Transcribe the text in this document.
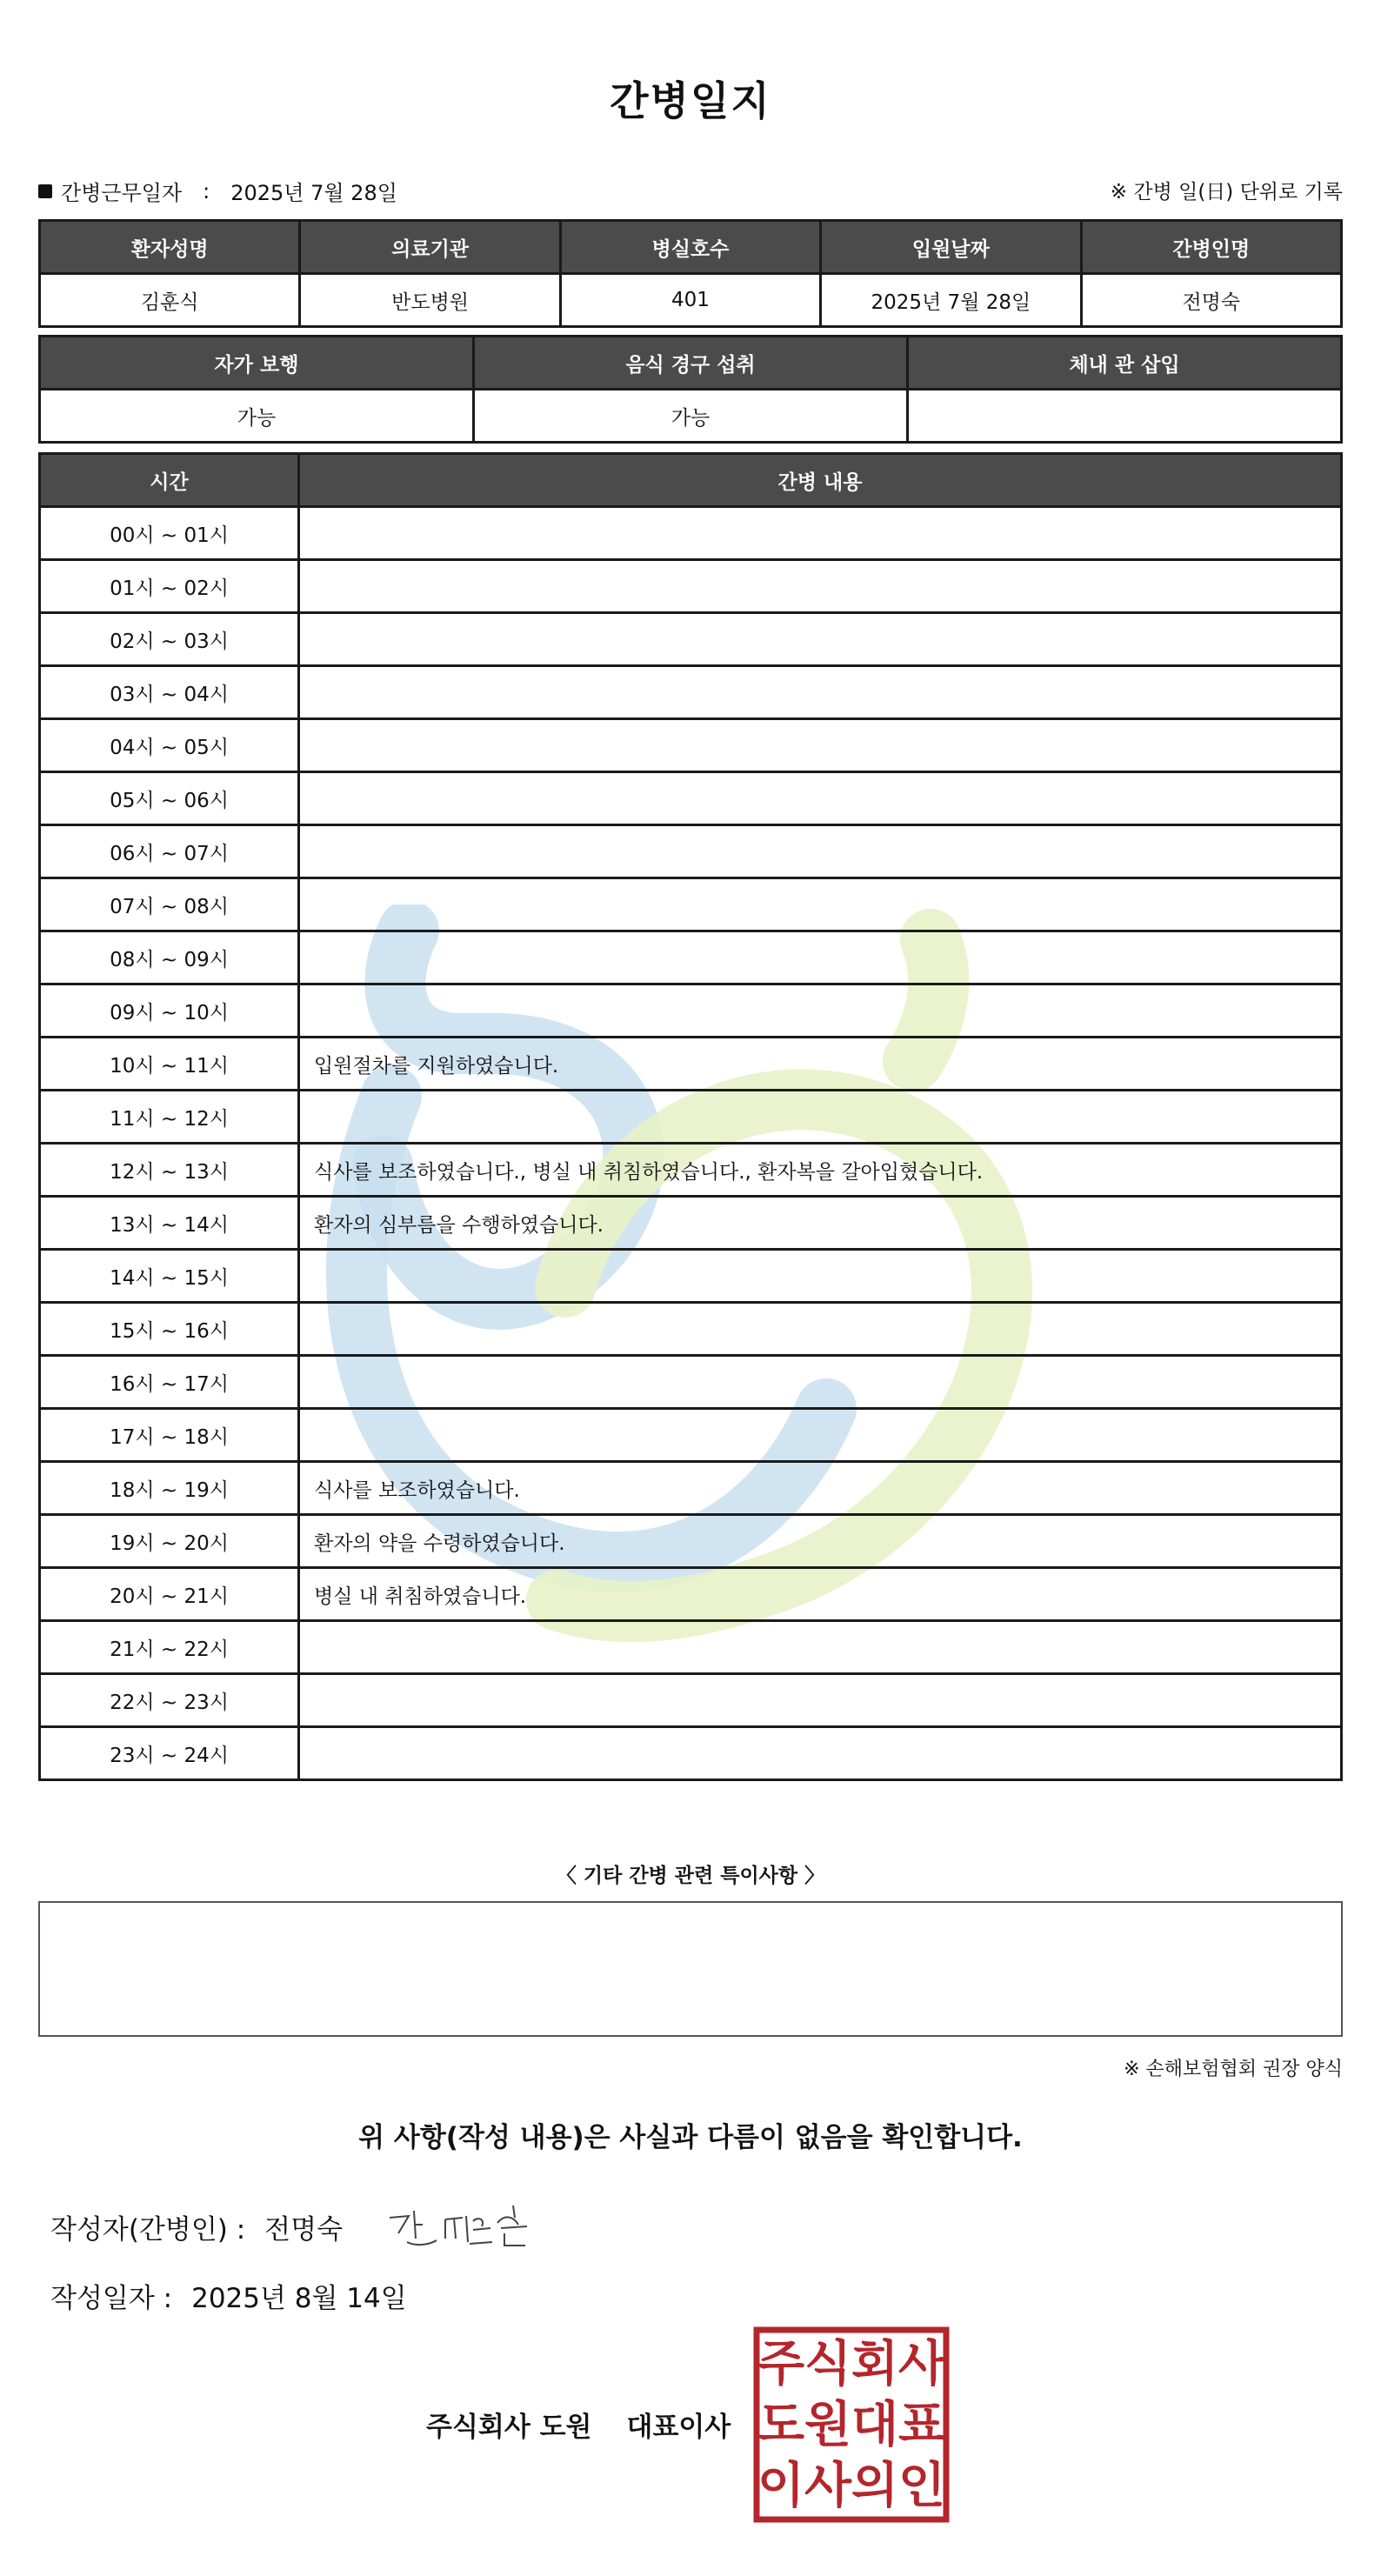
간병일지
간병근무일자 : 2025년 7월 28일	※ 간병 일(日) 단위로 기록
환자성명	의료기관	병실호수	입원날짜	간병인명
김훈식	반도병원	401	2025년 7월 28일	전명숙
자가 보행	음식 경구 섭취	체내 관 삽입
가능	가능	
시간	간병 내용
00시 ~ 01시	
01시 ~ 02시	
02시 ~ 03시	
03시 ~ 04시	
04시 ~ 05시	
05시 ~ 06시	
06시 ~ 07시	
07시 ~ 08시	
08시 ~ 09시	
09시 ~ 10시	
10시 ~ 11시	입원절차를 지원하였습니다.
11시 ~ 12시	
12시 ~ 13시	식사를 보조하였습니다., 병실 내 취침하였습니다., 환자복을 갈아입혔습니다.
13시 ~ 14시	환자의 심부름을 수행하였습니다.
14시 ~ 15시	
15시 ~ 16시	
16시 ~ 17시	
17시 ~ 18시	
18시 ~ 19시	식사를 보조하였습니다.
19시 ~ 20시	환자의 약을 수령하였습니다.
20시 ~ 21시	병실 내 취침하였습니다.
21시 ~ 22시	
22시 ~ 23시	
23시 ~ 24시	
〈 기타 간병 관련 특이사항 〉
※ 손해보험협회 권장 양식
위 사항(작성 내용)은 사실과 다름이 없음을 확인합니다.
작성자(간병인) : 전명숙
작성일자 : 2025년 8월 14일
주식회사 도원 대표이사
주 식 회 사
도 원 대 표
이 사 의 인
